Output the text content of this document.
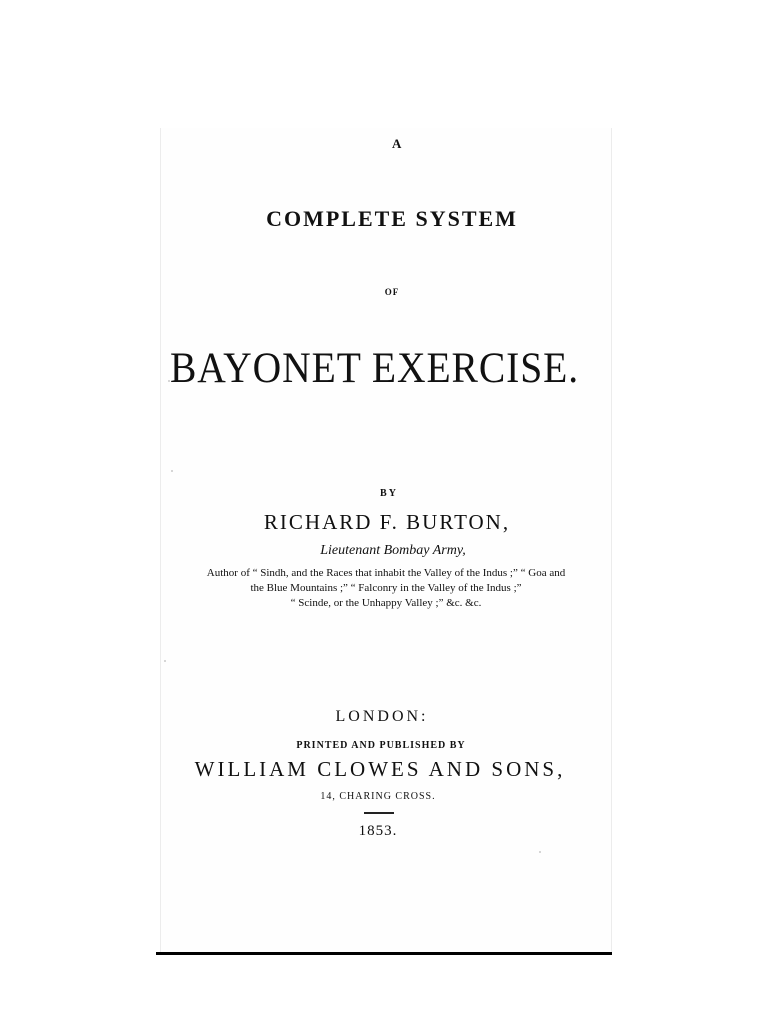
A
COMPLETE SYSTEM
OF
BAYONET EXERCISE.
BY
RICHARD F. BURTON,
Lieutenant Bombay Army,
Author of “ Sindh, and the Races that inhabit the Valley of the Indus ;” “ Goa and
the Blue Mountains ;” “ Falconry in the Valley of the Indus ;”
“ Scinde, or the Unhappy Valley ;” &c. &c.
LONDON:
PRINTED AND PUBLISHED BY
WILLIAM CLOWES AND SONS,
14, CHARING CROSS.
1853.
